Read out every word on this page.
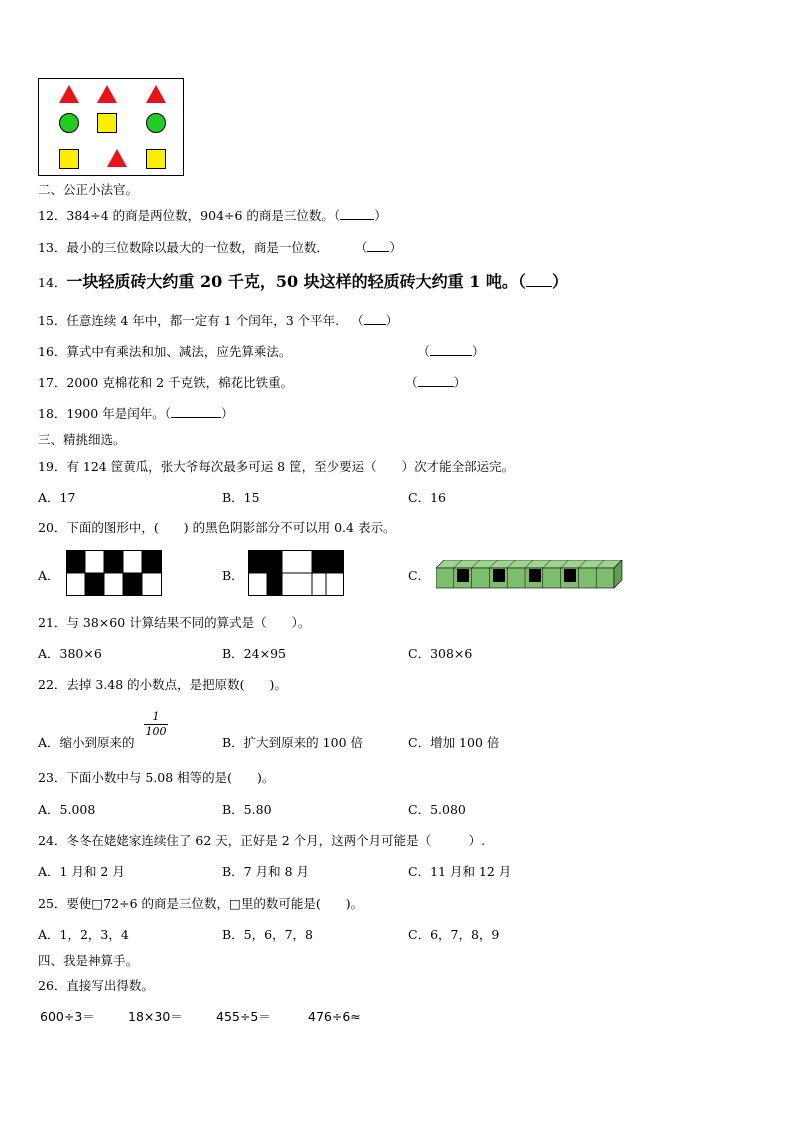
二、公正小法官。
12．384÷4 的商是两位数，904÷6 的商是三位数。（	）
13．最小的三位数除以最大的一位数，商是一位数． （ ）
14．一块轻质砖大约重 20 千克，50 块这样的轻质砖大约重 1 吨。（ ）
15．任意连续 4 年中，都一定有 1 个闰年，3 个平年. （ ）
16．算式中有乘法和加、减法，应先算乘法。	（	）
17．2000 克棉花和 2 千克铁，棉花比铁重。	（	）
18．1900 年是闰年。（	）
三、精挑细选。
19．有 124 筐黄瓜，张大爷每次最多可运 8 筐，至少要运（　　）次才能全部运完。
A．17	B．15	C．16
20．下面的图形中，(　　) 的黑色阴影部分不可以用 0.4 表示。
A．	B．	C．
21．与 38×60 计算结果不同的算式是（　　）。
A．380×6	B．24×95	C．308×6
22．去掉 3.48 的小数点，是把原数(　　)。
A．缩小到原来的
$\frac{1}{100}$
B．扩大到原来的 100 倍	C．增加 100 倍
23．下面小数中与 5.08 相等的是(　　)。
A．5.008	B．5.80	C．5.080
24．冬冬在姥姥家连续住了 62 天，正好是 2 个月，这两个月可能是（　　　）.
A．1 月和 2 月	B．7 月和 8 月	C．11 月和 12 月
25．要使□72÷6 的商是三位数，□里的数可能是(　　)。
A．1，2，3，4	B．5，6，7，8	C．6，7，8，9
四、我是神算手。
26．直接写出得数。
600÷3＝	18×30＝	455÷5＝	476÷6≈
